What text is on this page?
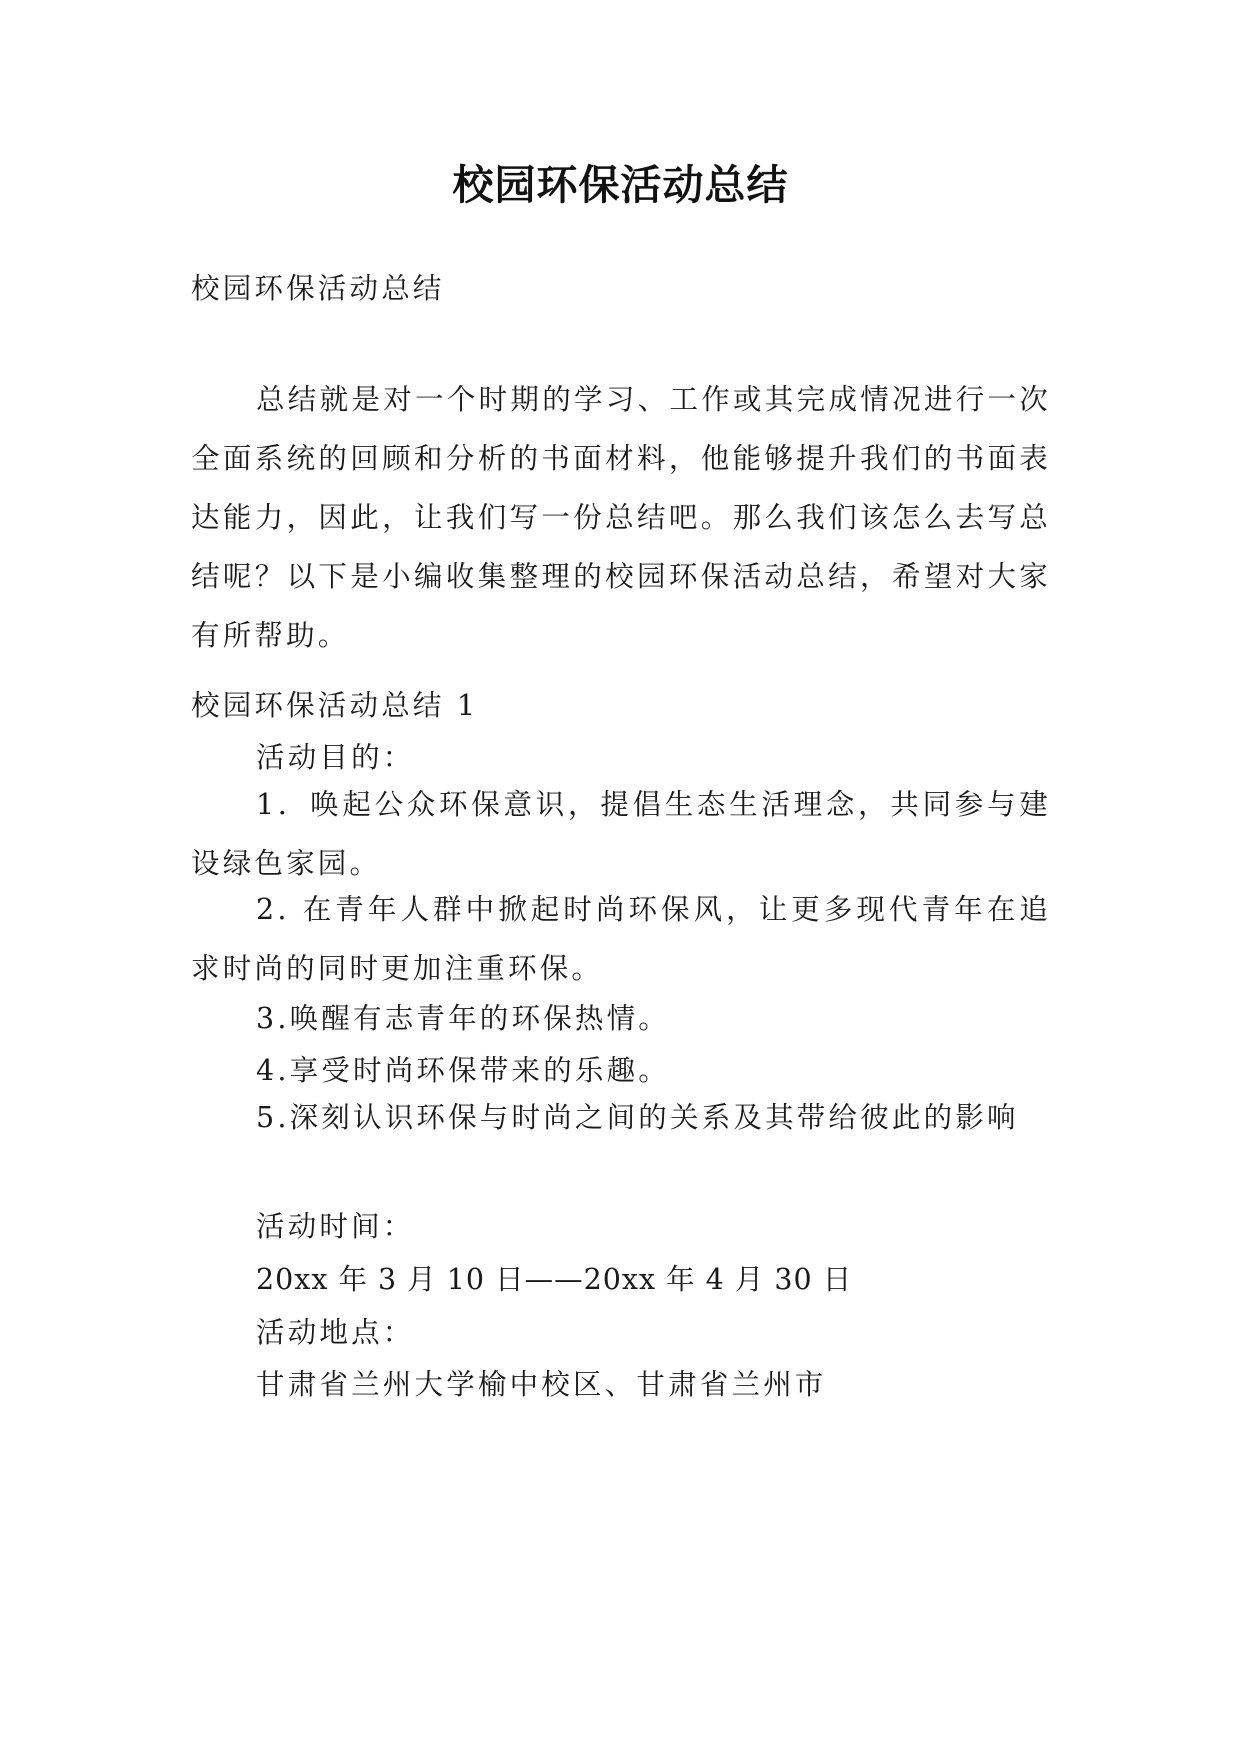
校园环保活动总结
校园环保活动总结
总结就是对一个时期的学习、工作或其完成情况进行一次全面系统的回顾和分析的书面材料，他能够提升我们的书面表达能力，因此，让我们写一份总结吧。那么我们该怎么去写总结呢？以下是小编收集整理的校园环保活动总结，希望对大家有所帮助。
校园环保活动总结 1
活动目的：
1．唤起公众环保意识，提倡生态生活理念，共同参与建设绿色家园。
2. 在青年人群中掀起时尚环保风，让更多现代青年在追求时尚的同时更加注重环保。
3.唤醒有志青年的环保热情。
4.享受时尚环保带来的乐趣。
5.深刻认识环保与时尚之间的关系及其带给彼此的影响
活动时间：
20xx 年 3 月 10 日——20xx 年 4 月 30 日
活动地点：
甘肃省兰州大学榆中校区、甘肃省兰州市
